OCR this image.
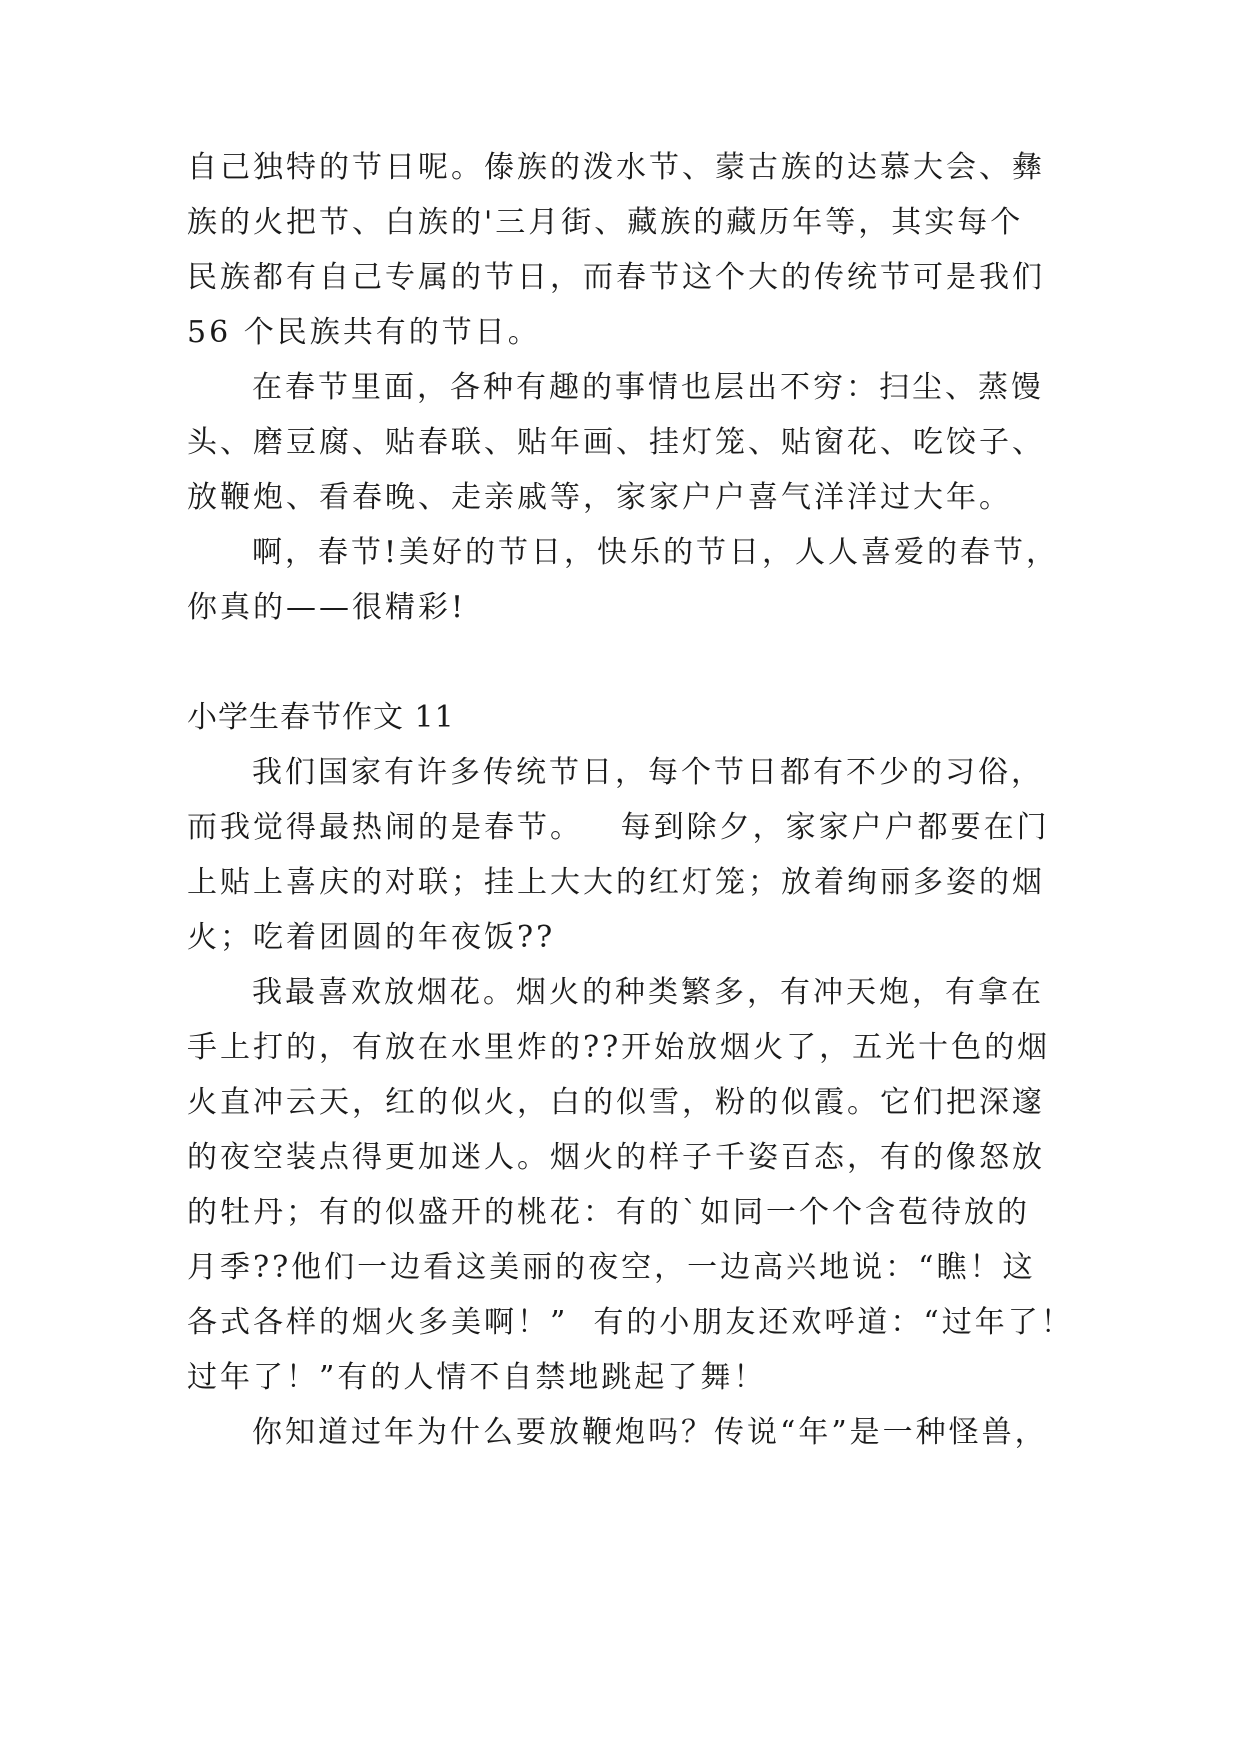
自己独特的节日呢。傣族的泼水节、蒙古族的达慕大会、彝
族的火把节、白族的'三月街、藏族的藏历年等，其实每个
民族都有自己专属的节日，而春节这个大的传统节可是我们
56 个民族共有的节日。
在春节里面，各种有趣的事情也层出不穷：扫尘、蒸馒
头、磨豆腐、贴春联、贴年画、挂灯笼、贴窗花、吃饺子、
放鞭炮、看春晚、走亲戚等，家家户户喜气洋洋过大年。
啊，春节!美好的节日，快乐的节日，人人喜爱的春节，
你真的——很精彩!
小学生春节作文 11
我们国家有许多传统节日，每个节日都有不少的习俗，
而我觉得最热闹的是春节。   每到除夕，家家户户都要在门
上贴上喜庆的对联；挂上大大的红灯笼；放着绚丽多姿的烟
火；吃着团圆的年夜饭??
我最喜欢放烟花。烟火的种类繁多，有冲天炮，有拿在
手上打的，有放在水里炸的??开始放烟火了，五光十色的烟
火直冲云天，红的似火，白的似雪，粉的似霞。它们把深邃
的夜空装点得更加迷人。烟火的样子千姿百态，有的像怒放
的牡丹；有的似盛开的桃花：有的`如同一个个含苞待放的
月季??他们一边看这美丽的夜空，一边高兴地说：“瞧！这
各式各样的烟火多美啊！”  有的小朋友还欢呼道：“过年了！
过年了！”有的人情不自禁地跳起了舞！
你知道过年为什么要放鞭炮吗？传说“年”是一种怪兽，
